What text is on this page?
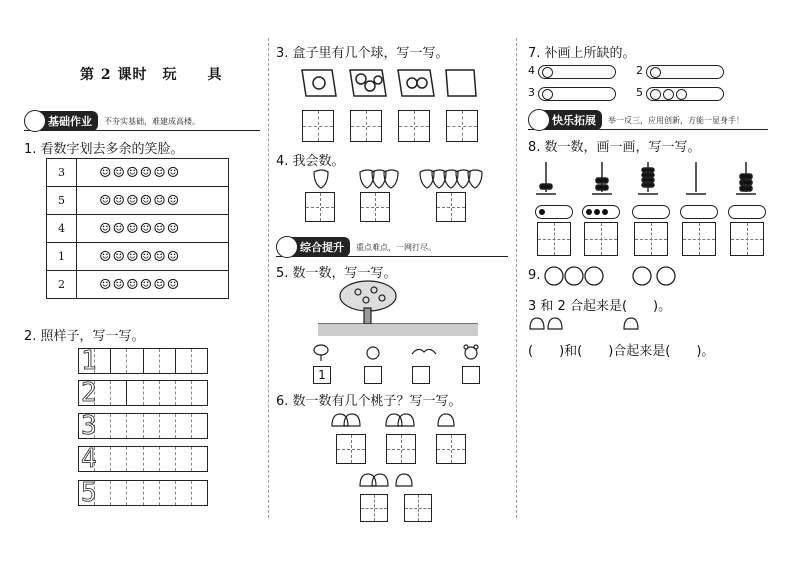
第 2 课时　玩　　具
基础作业	不夯实基础，难建成高楼。
1. 看数字划去多余的笑脸。
3	☺☺☺☺☺☺
5	☺☺☺☺☺☺
4	☺☺☺☺☺☺
1	☺☺☺☺☺☺
2	☺☺☺☺☺☺
2. 照样子，写一写。
1
2
3
4
5
3. 盒子里有几个球，写一写。
4. 我会数。
综合提升	重点难点，一网打尽。
5. 数一数，写一写。
1
6. 数一数有几个桃子？写一写。
7. 补画上所缺的。
4	2
3	5
快乐拓展	举一反三，应用创新，方能一显身手！
8. 数一数，画一画，写一写。
9.
3 和 2 合起来是(　　)。
(　　)和(　　)合起来是(　　)。
